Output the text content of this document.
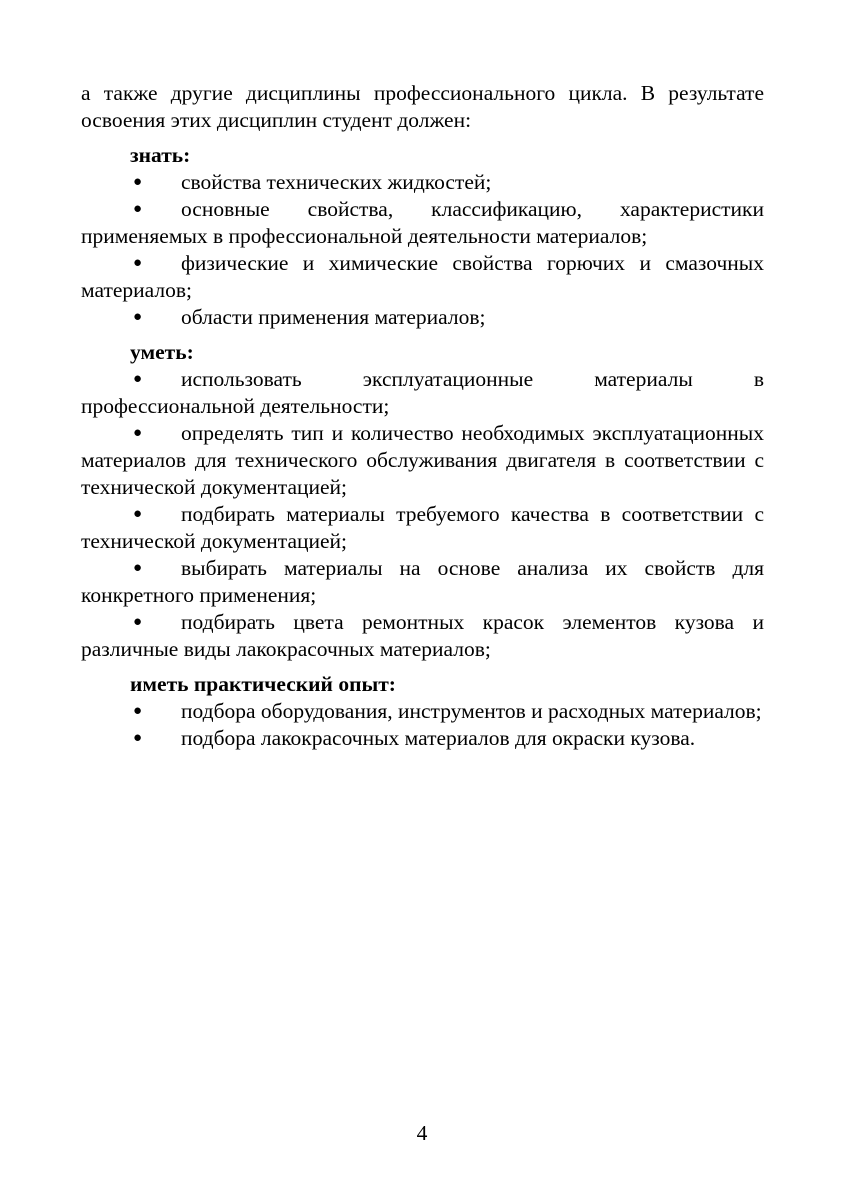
а также другие дисциплины профессионального цикла. В результате освоения этих дисциплин студент должен:

знать:

● свойства технических жидкостей;

● основные свойства, классификацию, характеристики применяемых в профессиональной деятельности материалов;

● физические и химические свойства горючих и смазочных материалов;

● области применения материалов;

уметь:

● использовать эксплуатационные материалы в профессиональной деятельности;

● определять тип и количество необходимых эксплуатационных материалов для технического обслуживания двигателя в соответствии с технической документацией;

● подбирать материалы требуемого качества в соответствии с технической документацией;

● выбирать материалы на основе анализа их свойств для конкретного применения;

● подбирать цвета ремонтных красок элементов кузова и различные виды лакокрасочных материалов;

иметь практический опыт:

● подбора оборудования, инструментов и расходных материалов;

● подбора лакокрасочных материалов для окраски кузова.

4
